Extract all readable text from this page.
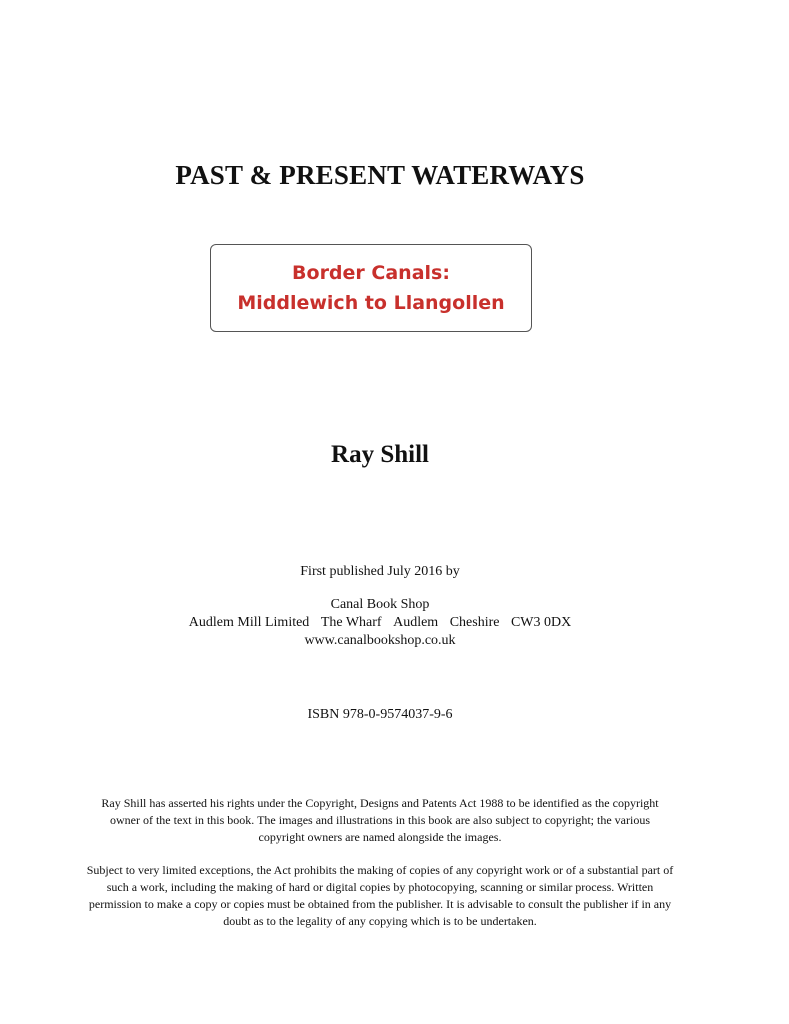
PAST & PRESENT WATERWAYS
Border Canals:
Middlewich to Llangollen
Ray Shill
First published July 2016 by
Canal Book Shop
Audlem Mill Limited The Wharf Audlem Cheshire CW3 0DX
www.canalbookshop.co.uk
ISBN 978-0-9574037-9-6
Ray Shill has asserted his rights under the Copyright, Designs and Patents Act 1988 to be identified as the copyright
owner of the text in this book. The images and illustrations in this book are also subject to copyright; the various
copyright owners are named alongside the images.
Subject to very limited exceptions, the Act prohibits the making of copies of any copyright work or of a substantial part of
such a work, including the making of hard or digital copies by photocopying, scanning or similar process. Written
permission to make a copy or copies must be obtained from the publisher. It is advisable to consult the publisher if in any
doubt as to the legality of any copying which is to be undertaken.
